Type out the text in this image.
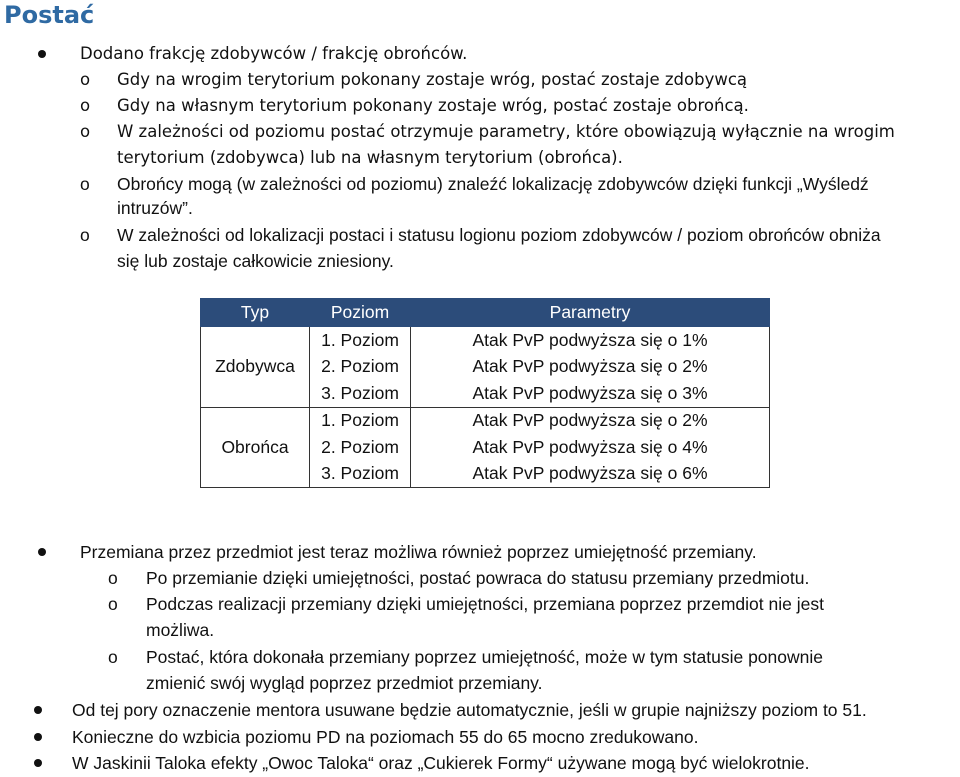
Postać
Dodano frakcję zdobywców / frakcję obrońców.
o Gdy na wrogim terytorium pokonany zostaje wróg, postać zostaje zdobywcą
o Gdy na własnym terytorium pokonany zostaje wróg, postać zostaje obrońcą.
o W zależności od poziomu postać otrzymuje parametry, które obowiązują wyłącznie na wrogim
terytorium (zdobywca) lub na własnym terytorium (obrońca).
o Obrońcy mogą (w zależności od poziomu) znaleźć lokalizację zdobywców dzięki funkcji „Wyśledź
intruzów”.
o W zależności od lokalizacji postaci i statusu logionu poziom zdobywców / poziom obrońców obniża
się lub zostaje całkowicie zniesiony.
Typ	Poziom	Parametry
Zdobywca	1. Poziom	Atak PvP podwyższa się o 1%
	2. Poziom	Atak PvP podwyższa się o 2%
	3. Poziom	Atak PvP podwyższa się o 3%
Obrońca	1. Poziom	Atak PvP podwyższa się o 2%
	2. Poziom	Atak PvP podwyższa się o 4%
	3. Poziom	Atak PvP podwyższa się o 6%
Przemiana przez przedmiot jest teraz możliwa również poprzez umiejętność przemiany.
o Po przemianie dzięki umiejętności, postać powraca do statusu przemiany przedmiotu.
o Podczas realizacji przemiany dzięki umiejętności, przemiana poprzez przemdiot nie jest
możliwa.
o Postać, która dokonała przemiany poprzez umiejętność, może w tym statusie ponownie
zmienić swój wygląd poprzez przedmiot przemiany.
Od tej pory oznaczenie mentora usuwane będzie automatycznie, jeśli w grupie najniższy poziom to 51.
Konieczne do wzbicia poziomu PD na poziomach 55 do 65 mocno zredukowano.
W Jaskinii Taloka efekty „Owoc Taloka“ oraz „Cukierek Formy“ używane mogą być wielokrotnie.
